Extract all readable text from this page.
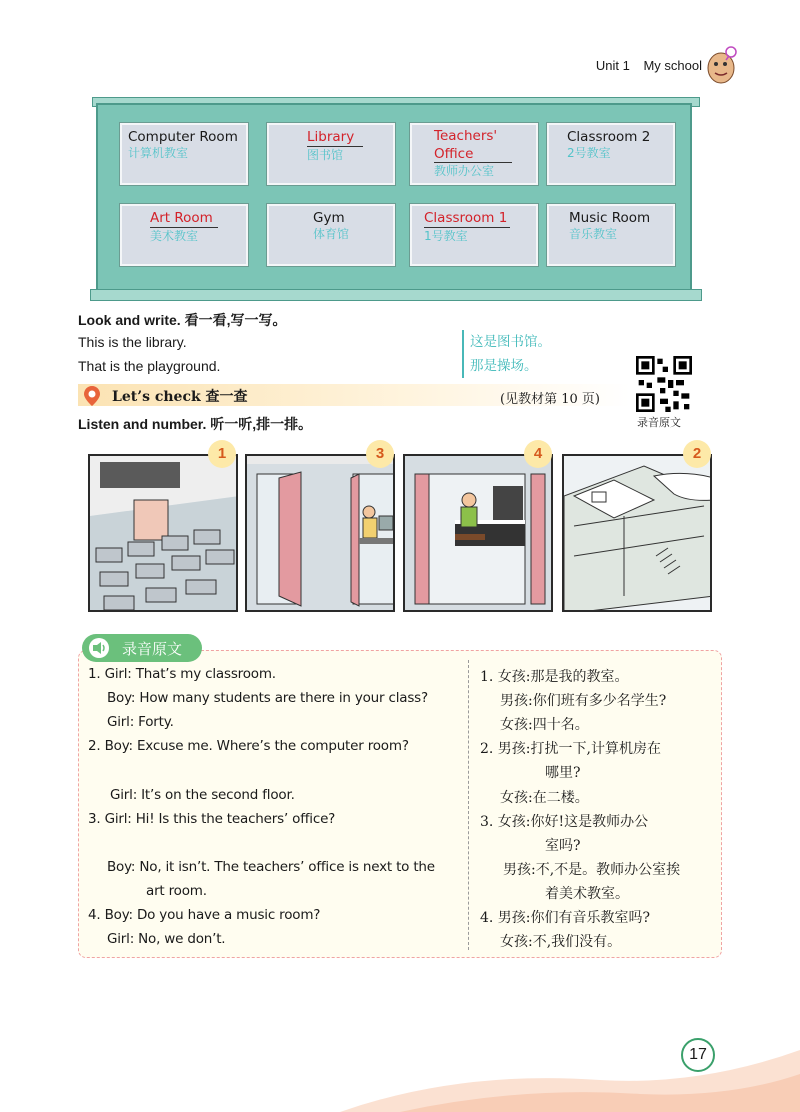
Unit 1 My school
Computer Room
计算机教室
Library
图书馆
Teachers' Office
教师办公室
Classroom 2
2号教室
Art Room
美术教室
Gym
体育馆
Classroom 1
1号教室
Music Room
音乐教室
Look and write. 看一看,写一写。
This is the library.
That is the playground.
这是图书馆。
那是操场。
Let’s check 查一查	(见教材第 10 页)
录音原文
Listen and number. 听一听,排一排。
1	3	4	2
录音原文
1. Girl: That’s my classroom.
Boy: How many students are there in your class?
Girl: Forty.
2. Boy: Excuse me. Where’s the computer room?
Girl: It’s on the second floor.
3. Girl: Hi! Is this the teachers’ office?
Boy: No, it isn’t. The teachers’ office is next to the
art room.
4. Boy: Do you have a music room?
Girl: No, we don’t.
1. 女孩:那是我的教室。
男孩:你们班有多少名学生?
女孩:四十名。
2. 男孩:打扰一下,计算机房在
哪里?
女孩:在二楼。
3. 女孩:你好!这是教师办公
室吗?
男孩:不,不是。教师办公室挨
着美术教室。
4. 男孩:你们有音乐教室吗?
女孩:不,我们没有。
17
